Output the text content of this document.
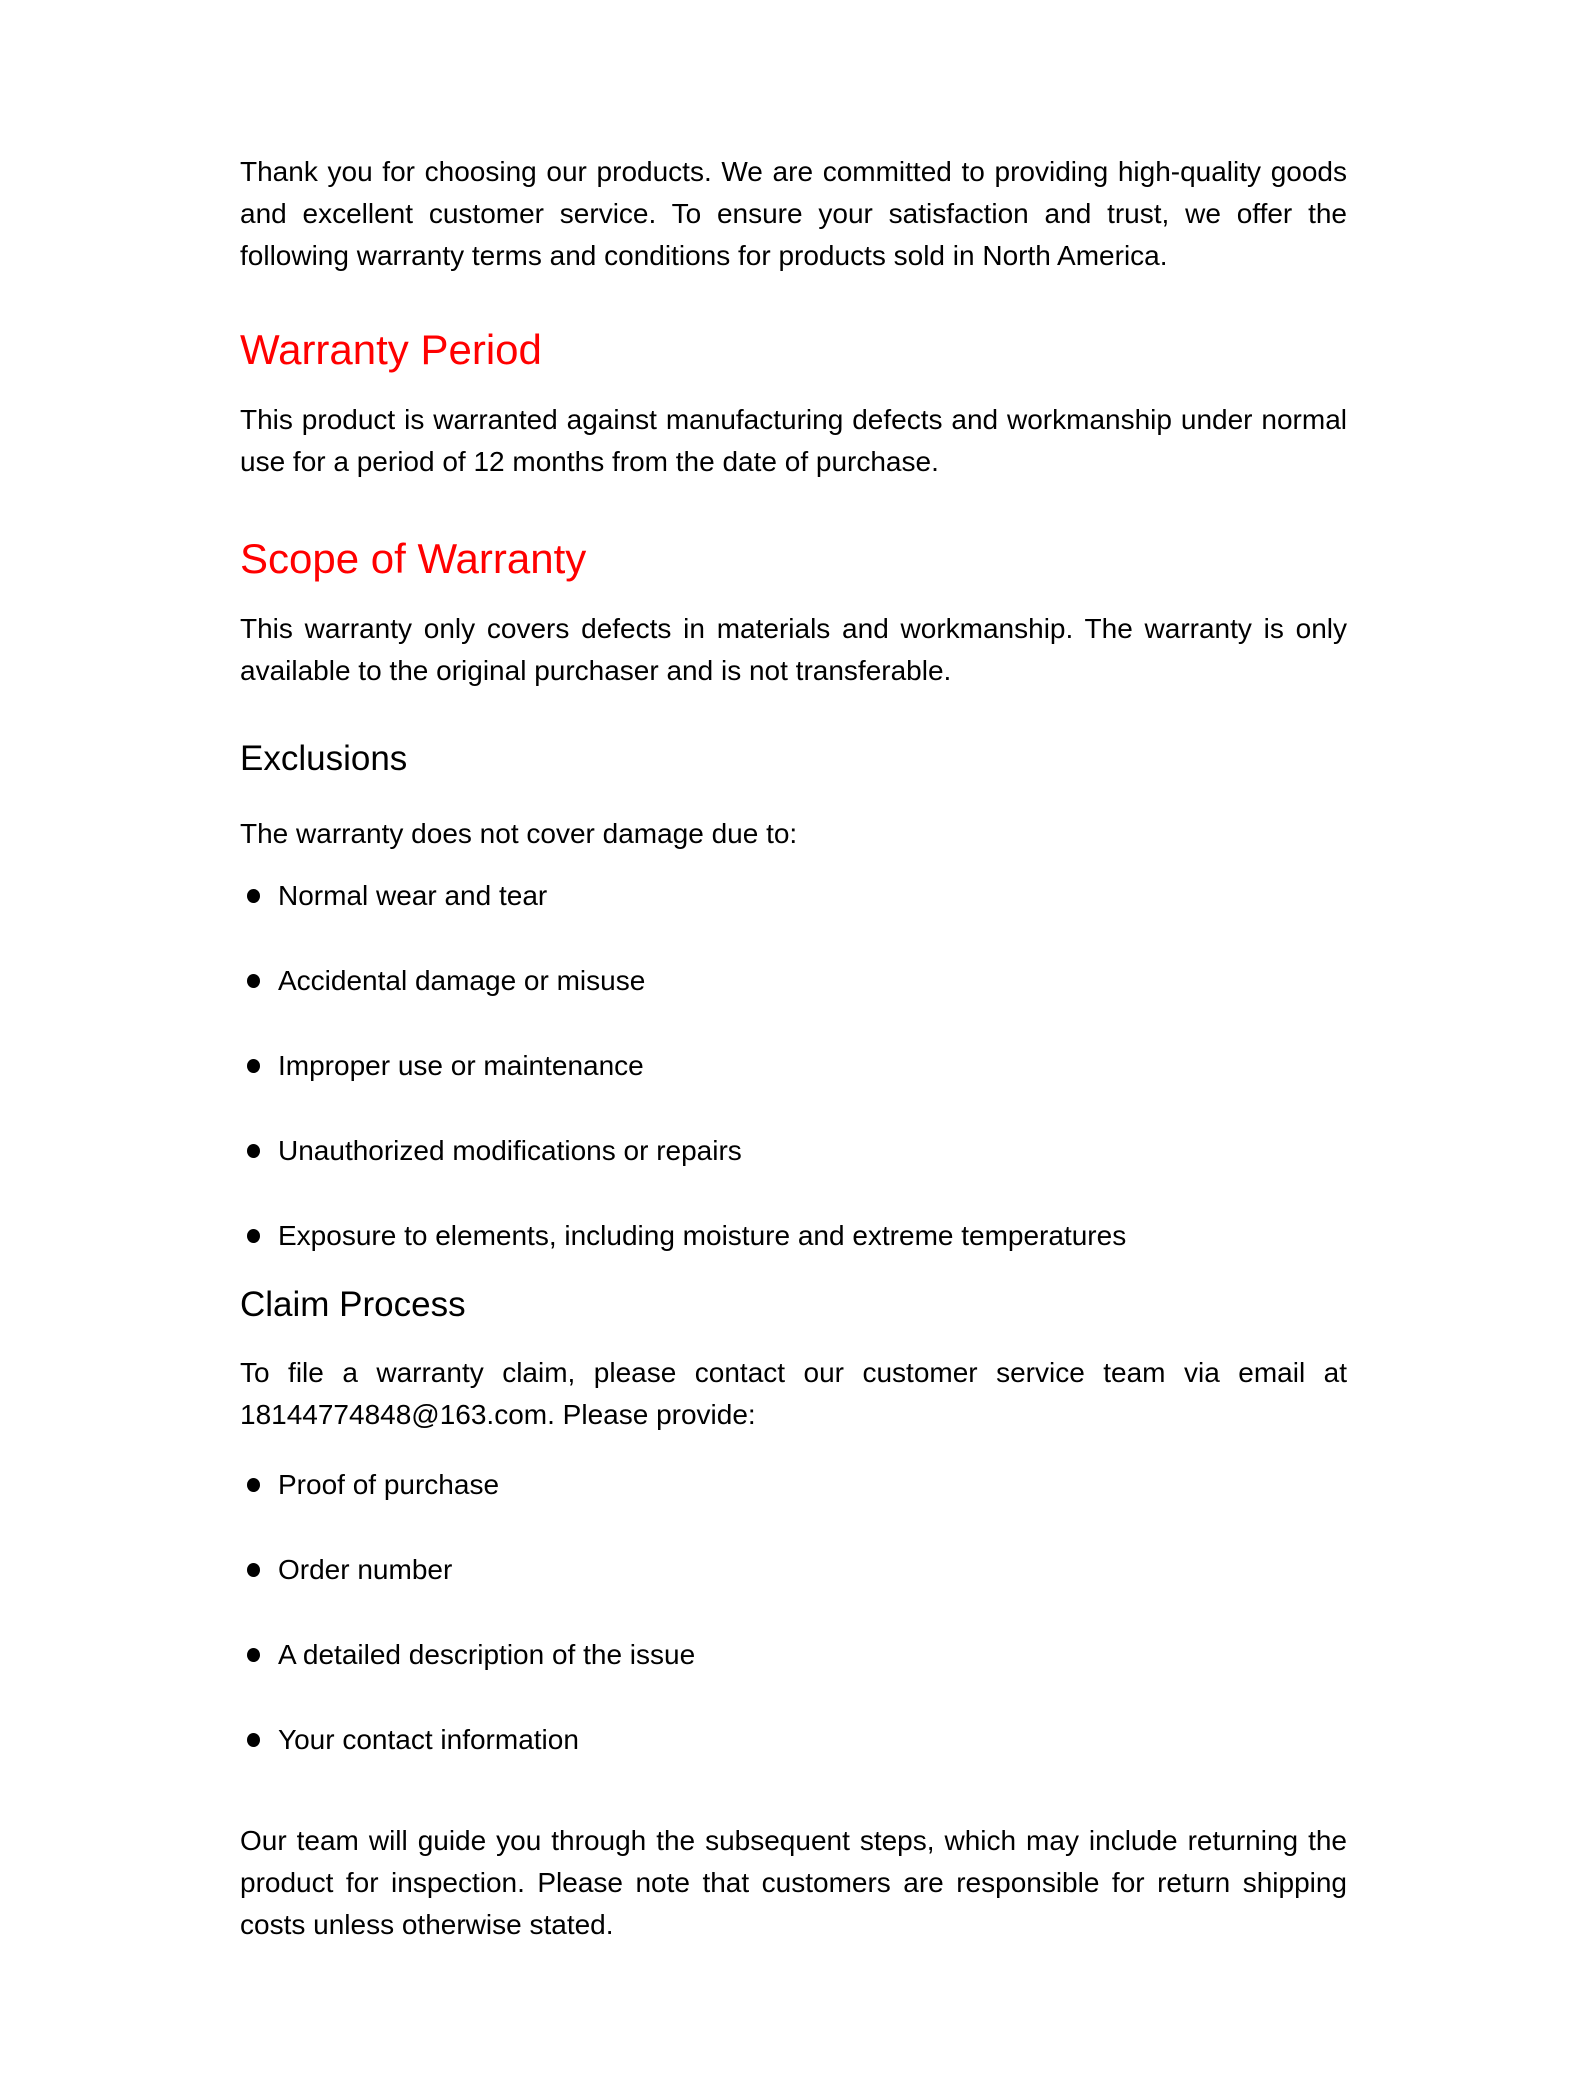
Thank you for choosing our products. We are committed to providing high-quality goods and excellent customer service. To ensure your satisfaction and trust, we offer the following warranty terms and conditions for products sold in North America.

Warranty Period

This product is warranted against manufacturing defects and workmanship under normal use for a period of 12 months from the date of purchase.

Scope of Warranty

This warranty only covers defects in materials and workmanship. The warranty is only available to the original purchaser and is not transferable.

Exclusions

The warranty does not cover damage due to:

Normal wear and tear
Accidental damage or misuse
Improper use or maintenance
Unauthorized modifications or repairs
Exposure to elements, including moisture and extreme temperatures
Claim Process

To file a warranty claim, please contact our customer service team via email at 18144774848@163.com. Please provide:

Proof of purchase
Order number
A detailed description of the issue
Your contact information

Our team will guide you through the subsequent steps, which may include returning the product for inspection. Please note that customers are responsible for return shipping costs unless otherwise stated.
